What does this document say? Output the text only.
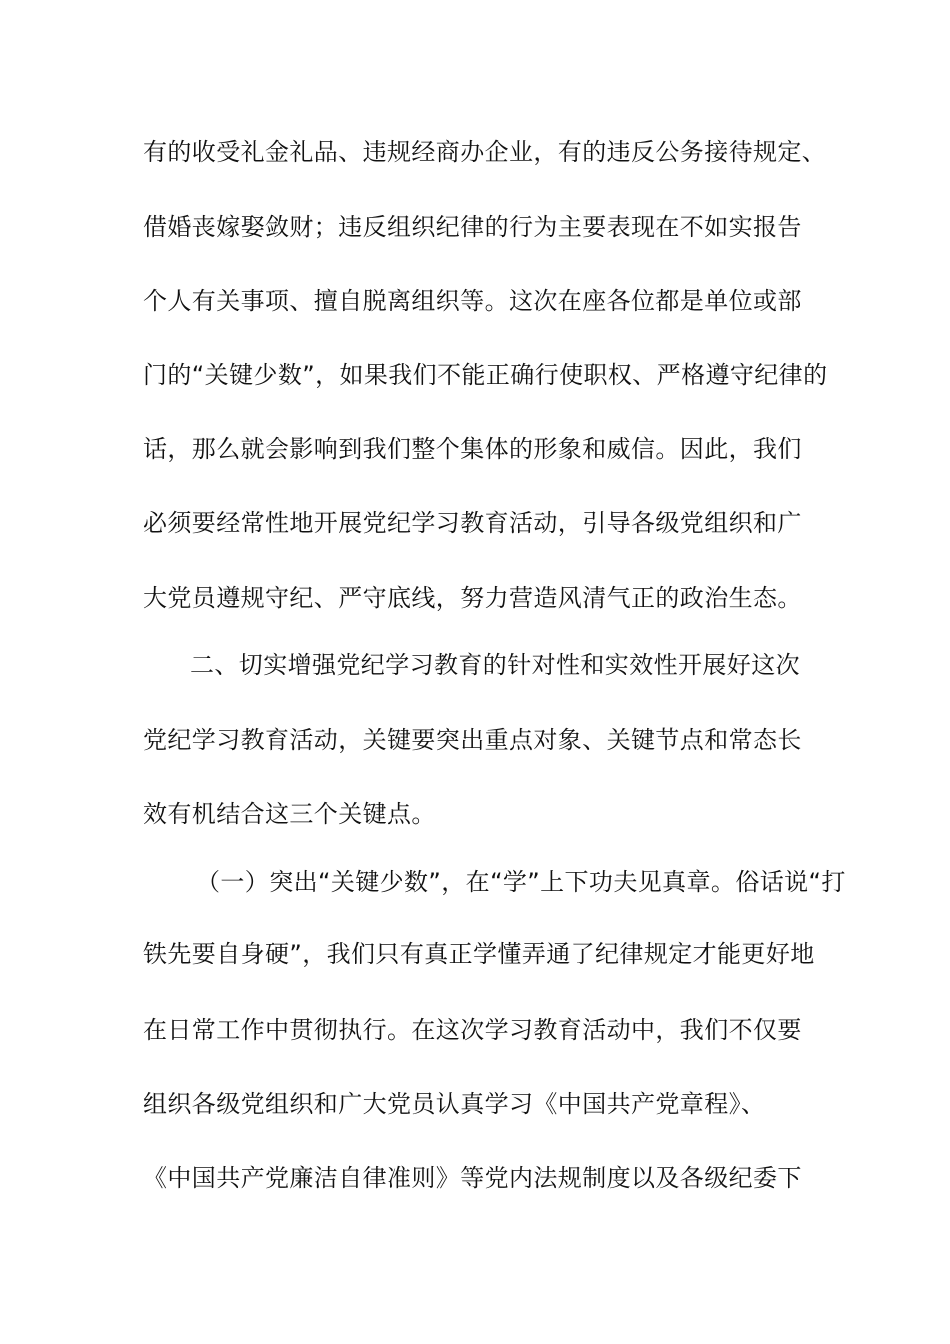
有的收受礼金礼品、违规经商办企业，有的违反公务接待规定、
借婚丧嫁娶敛财；违反组织纪律的行为主要表现在不如实报告
个人有关事项、擅自脱离组织等。这次在座各位都是单位或部
门的“关键少数”，如果我们不能正确行使职权、严格遵守纪律的
话，那么就会影响到我们整个集体的形象和威信。因此，我们
必须要经常性地开展党纪学习教育活动，引导各级党组织和广
大党员遵规守纪、严守底线，努力营造风清气正的政治生态。
二、切实增强党纪学习教育的针对性和实效性开展好这次
党纪学习教育活动，关键要突出重点对象、关键节点和常态长
效有机结合这三个关键点。
（一）突出“关键少数”，在“学”上下功夫见真章。俗话说“打
铁先要自身硬”，我们只有真正学懂弄通了纪律规定才能更好地
在日常工作中贯彻执行。在这次学习教育活动中，我们不仅要
组织各级党组织和广大党员认真学习《中国共产党章程》、
《中国共产党廉洁自律准则》等党内法规制度以及各级纪委下
